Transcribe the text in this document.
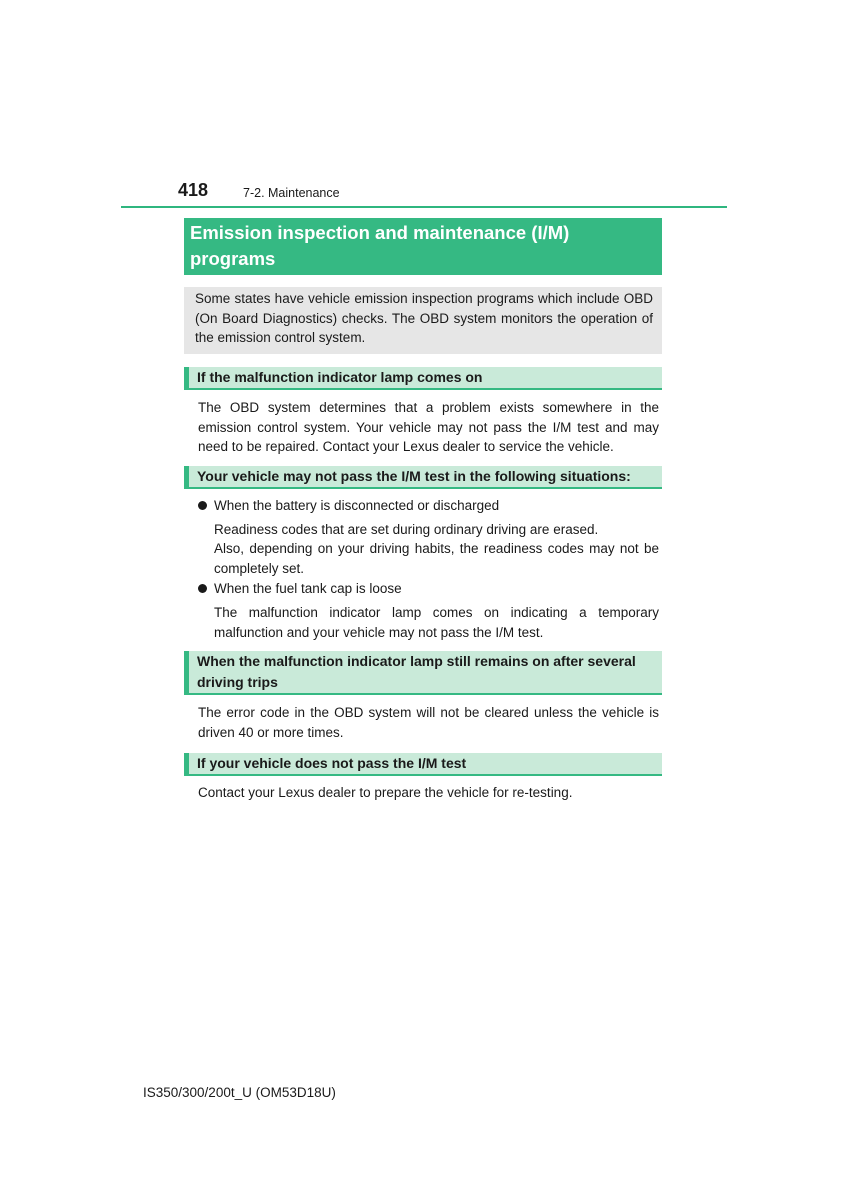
418	7-2. Maintenance
Emission inspection and maintenance (I/M)
programs
Some states have vehicle emission inspection programs which include OBD (On Board Diagnostics) checks. The OBD system monitors the operation of the emission control system.
If the malfunction indicator lamp comes on
The OBD system determines that a problem exists somewhere in the emission control system. Your vehicle may not pass the I/M test and may need to be repaired. Contact your Lexus dealer to service the vehicle.
Your vehicle may not pass the I/M test in the following situations:
When the battery is disconnected or discharged
Readiness codes that are set during ordinary driving are erased.
Also, depending on your driving habits, the readiness codes may not be completely set.
When the fuel tank cap is loose
The malfunction indicator lamp comes on indicating a temporary malfunction and your vehicle may not pass the I/M test.
When the malfunction indicator lamp still remains on after several driving trips
The error code in the OBD system will not be cleared unless the vehicle is driven 40 or more times.
If your vehicle does not pass the I/M test
Contact your Lexus dealer to prepare the vehicle for re-testing.
IS350/300/200t_U (OM53D18U)
